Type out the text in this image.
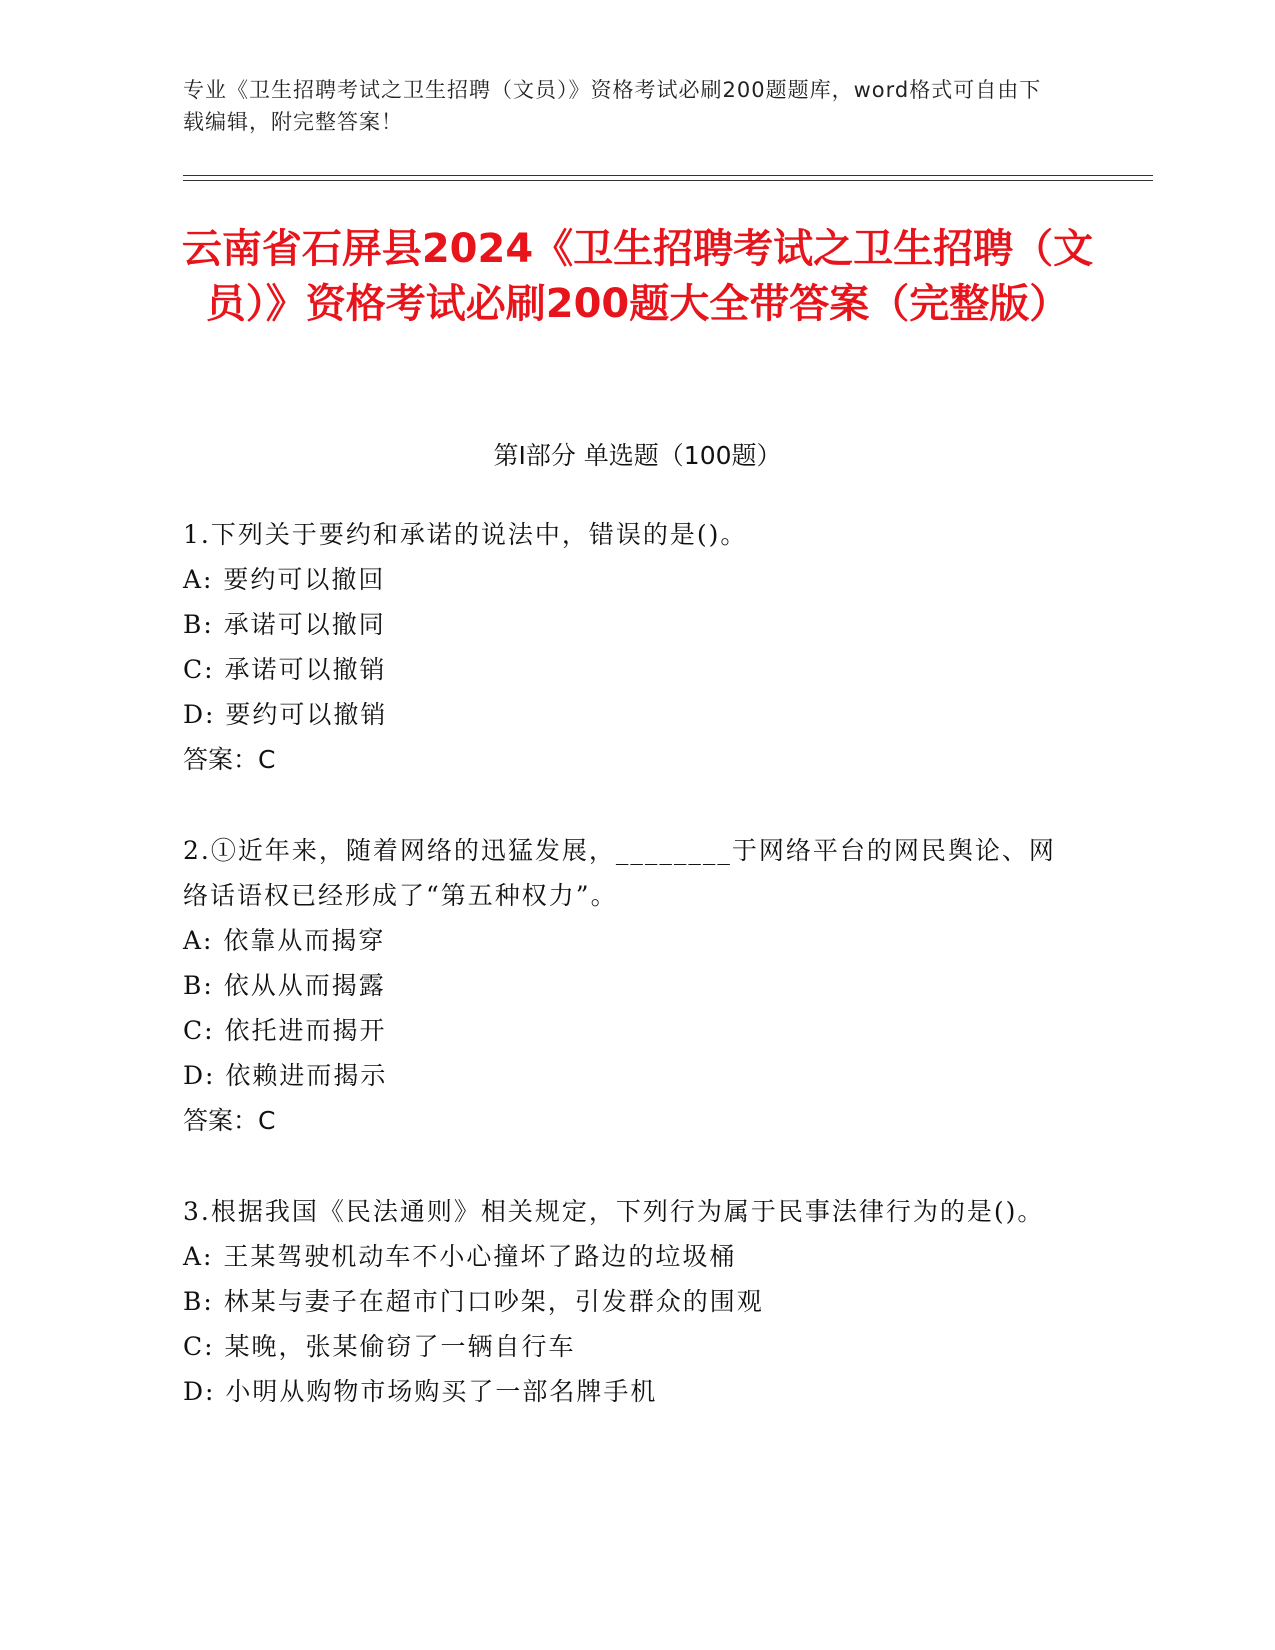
专业《卫生招聘考试之卫生招聘（文员）》资格考试必刷200题题库，word格式可自由下载编辑，附完整答案！
云南省石屏县2024《卫生招聘考试之卫生招聘（文员）》资格考试必刷200题大全带答案（完整版）
第Ⅰ部分 单选题（100题）

1.下列关于要约和承诺的说法中，错误的是()。

A: 要约可以撤回

B: 承诺可以撤同

C: 承诺可以撤销

D: 要约可以撤销

答案：C

2.①近年来，随着网络的迅猛发展，________于网络平台的网民舆论、网络话语权已经形成了“第五种权力”。

A: 依靠从而揭穿

B: 依从从而揭露

C: 依托进而揭开

D: 依赖进而揭示

答案：C

3.根据我国《民法通则》相关规定，下列行为属于民事法律行为的是()。

A: 王某驾驶机动车不小心撞坏了路边的垃圾桶

B: 林某与妻子在超市门口吵架，引发群众的围观

C: 某晚，张某偷窃了一辆自行车

D: 小明从购物市场购买了一部名牌手机
